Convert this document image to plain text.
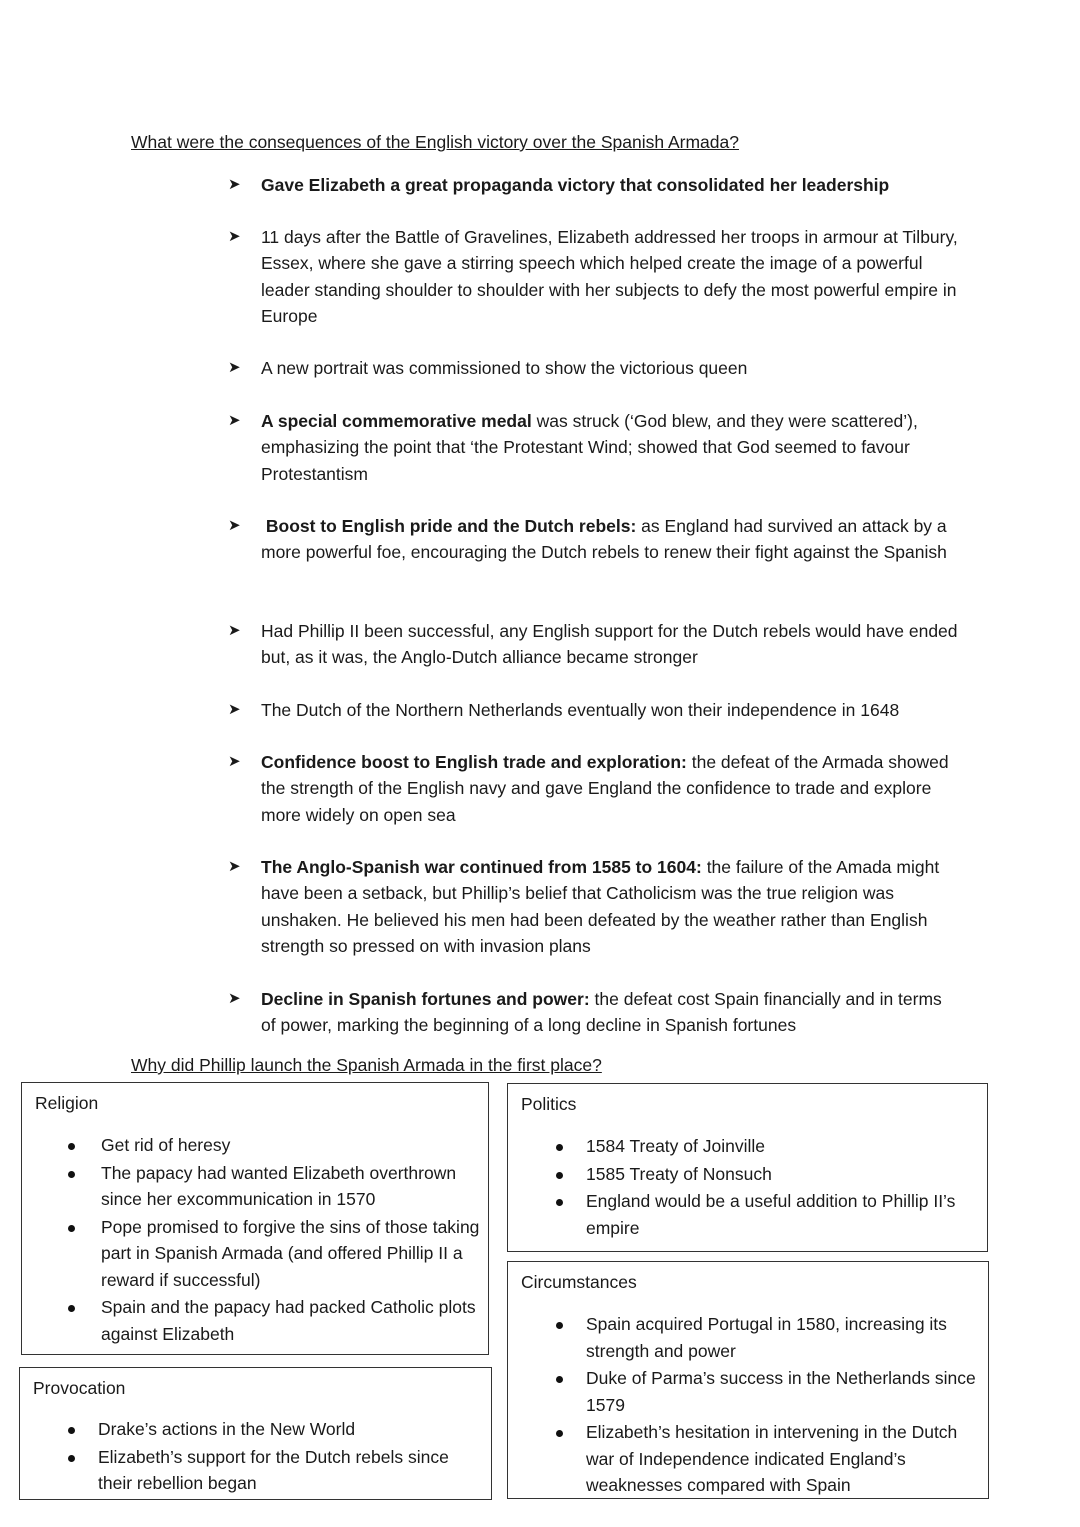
What were the consequences of the English victory over the Spanish Armada?
➤ Gave Elizabeth a great propaganda victory that consolidated her leadership
➤ 11 days after the Battle of Gravelines, Elizabeth addressed her troops in armour at Tilbury, Essex, where she gave a stirring speech which helped create the image of a powerful leader standing shoulder to shoulder with her subjects to defy the most powerful empire in Europe
➤ A new portrait was commissioned to show the victorious queen
➤ A special commemorative medal was struck (‘God blew, and they were scattered’), emphasizing the point that ‘the Protestant Wind; showed that God seemed to favour Protestantism
➤ Boost to English pride and the Dutch rebels: as England had survived an attack by a more powerful foe, encouraging the Dutch rebels to renew their fight against the Spanish
➤ Had Phillip II been successful, any English support for the Dutch rebels would have ended but, as it was, the Anglo-Dutch alliance became stronger
➤ The Dutch of the Northern Netherlands eventually won their independence in 1648
➤ Confidence boost to English trade and exploration: the defeat of the Armada showed the strength of the English navy and gave England the confidence to trade and explore more widely on open sea
➤ The Anglo-Spanish war continued from 1585 to 1604: the failure of the Amada might have been a setback, but Phillip’s belief that Catholicism was the true religion was unshaken. He believed his men had been defeated by the weather rather than English strength so pressed on with invasion plans
➤ Decline in Spanish fortunes and power: the defeat cost Spain financially and in terms of power, marking the beginning of a long decline in Spanish fortunes
Why did Phillip launch the Spanish Armada in the first place?
Religion
Get rid of heresy
The papacy had wanted Elizabeth overthrown since her excommunication in 1570
Pope promised to forgive the sins of those taking part in Spanish Armada (and offered Phillip II a reward if successful)
Spain and the papacy had packed Catholic plots against Elizabeth
Politics
1584 Treaty of Joinville
1585 Treaty of Nonsuch
England would be a useful addition to Phillip II’s empire
Circumstances
Spain acquired Portugal in 1580, increasing its strength and power
Duke of Parma’s success in the Netherlands since 1579
Elizabeth’s hesitation in intervening in the Dutch war of Independence indicated England’s weaknesses compared with Spain
Provocation
Drake’s actions in the New World
Elizabeth’s support for the Dutch rebels since their rebellion began
